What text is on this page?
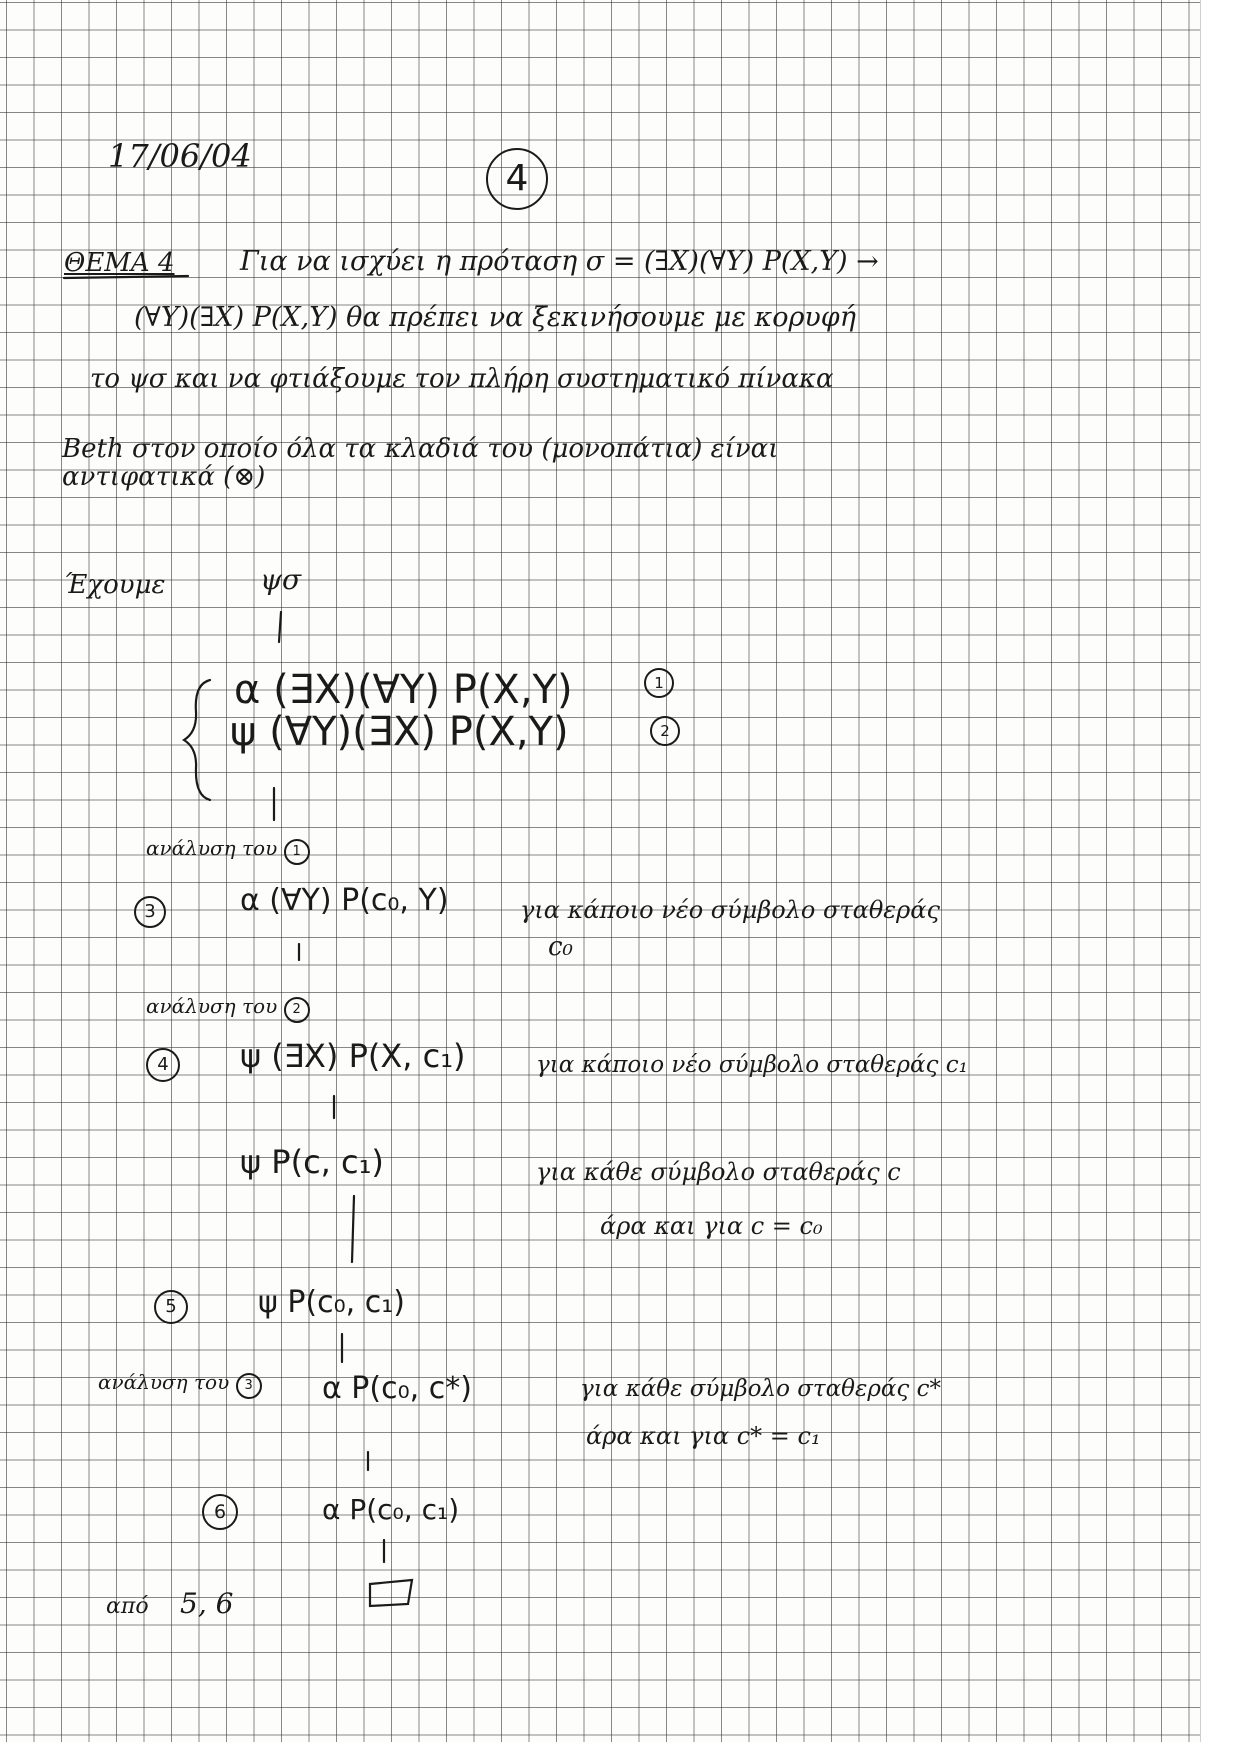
17/06/04
4
ΘΕΜΑ 4 Για να ισχύει η πρόταση σ = (∃X)(∀Y) P(X,Y) →
(∀Y)(∃X) P(X,Y) θα πρέπει να ξεκινήσουμε με κορυφή
το ψσ και να φτιάξουμε τον πλήρη συστηματικό πίνακα
Beth στον οποίο όλα τα κλαδιά του (μονοπάτια) είναι
αντιφατικά (⊗)
Έχουμε	ψσ
α (∃X)(∀Y) P(X,Y)	1
ψ (∀Y)(∃X) P(X,Y)	2
ανάλυση του 1
3	α (∀Y) P(c₀, Y)	για κάποιο νέο σύμβολο σταθεράς
c₀
ανάλυση του 2
4	ψ (∃X) P(X, c₁)	για κάποιο νέο σύμβολο σταθεράς c₁
ψ P(c, c₁)	για κάθε σύμβολο σταθεράς c
άρα και για c = c₀
5	ψ P(c₀, c₁)
ανάλυση του 3 α P(c₀, c*)	για κάθε σύμβολο σταθεράς c*
άρα και για c* = c₁
6	α P(c₀, c₁)
από 5, 6
